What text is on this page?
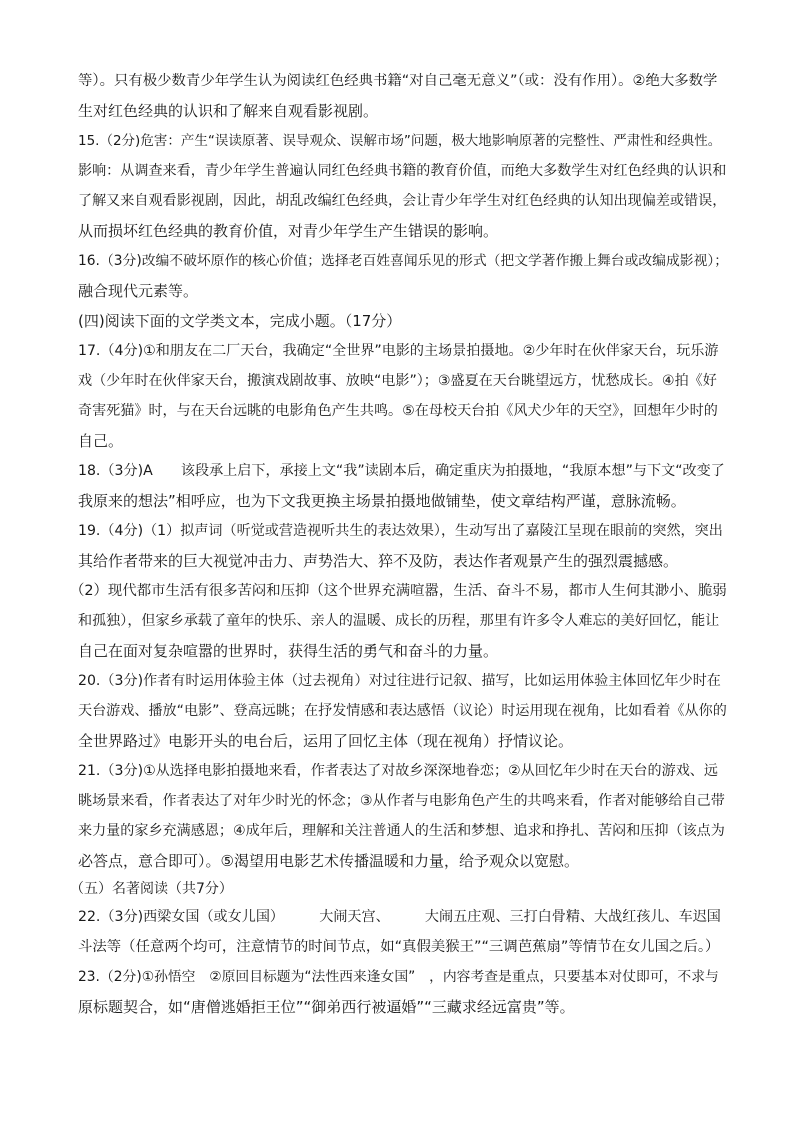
等）。只有极少数青少年学生认为阅读红色经典书籍“对自己毫无意义”（或：没有作用）。②绝大多数学
生对红色经典的认识和了解来自观看影视剧。
15.（2分)危害：产生“误读原著、误导观众、误解市场”问题，极大地影响原著的完整性、严肃性和经典性。
影响：从调查来看，青少年学生普遍认同红色经典书籍的教育价值，而绝大多数学生对红色经典的认识和
了解又来自观看影视剧，因此，胡乱改编红色经典，会让青少年学生对红色经典的认知出现偏差或错误，
从而损坏红色经典的教育价值，对青少年学生产生错误的影响。
16.（3分)改编不破坏原作的核心价值；选择老百姓喜闻乐见的形式（把文学著作搬上舞台或改编成影视）；
融合现代元素等。
(四)阅读下面的文学类文本，完成小题。（17分）
17.（4分)①和朋友在二厂天台，我确定“全世界”电影的主场景拍摄地。②少年时在伙伴家天台，玩乐游
戏（少年时在伙伴家天台，搬演戏剧故事、放映“电影”）；③盛夏在天台眺望远方，忧愁成长。④拍《好
奇害死猫》时，与在天台远眺的电影角色产生共鸣。⑤在母校天台拍《风犬少年的天空》，回想年少时的
自己。
18.（3分)A　　该段承上启下，承接上文“我”读剧本后，确定重庆为拍摄地，“我原本想”与下文“改变了
我原来的想法”相呼应，也为下文我更换主场景拍摄地做铺垫，使文章结构严谨，意脉流畅。
19.（4分)（1）拟声词（听觉或营造视听共生的表达效果），生动写出了嘉陵江呈现在眼前的突然，突出
其给作者带来的巨大视觉冲击力、声势浩大、猝不及防，表达作者观景产生的强烈震撼感。
（2）现代都市生活有很多苦闷和压抑（这个世界充满喧嚣，生活、奋斗不易，都市人生何其渺小、脆弱
和孤独），但家乡承载了童年的快乐、亲人的温暖、成长的历程，那里有许多令人难忘的美好回忆，能让
自己在面对复杂喧嚣的世界时，获得生活的勇气和奋斗的力量。
20.（3分)作者有时运用体验主体（过去视角）对过往进行记叙、描写，比如运用体验主体回忆年少时在
天台游戏、播放“电影”、登高远眺；在抒发情感和表达感悟（议论）时运用现在视角，比如看着《从你的
全世界路过》电影开头的电台后，运用了回忆主体（现在视角）抒情议论。
21.（3分)①从选择电影拍摄地来看，作者表达了对故乡深深地眷恋；②从回忆年少时在天台的游戏、远
眺场景来看，作者表达了对年少时光的怀念；③从作者与电影角色产生的共鸣来看，作者对能够给自己带
来力量的家乡充满感恩；④成年后，理解和关注普通人的生活和梦想、追求和挣扎、苦闷和压抑（该点为
必答点，意合即可）。⑤渴望用电影艺术传播温暖和力量，给予观众以宽慰。
（五）名著阅读（共7分）
22.（3分)西梁女国（或女儿国）　　　大闹天宫、　　　大闹五庄观、三打白骨精、大战红孩儿、车迟国
斗法等（任意两个均可，注意情节的时间节点，如“真假美猴王”“三调芭蕉扇”等情节在女儿国之后。）
23.（2分)①孙悟空　②原回目标题为“法性西来逢女国”　，内容考查是重点，只要基本对仗即可，不求与
原标题契合，如“唐僧逃婚拒王位”“御弟西行被逼婚”“三藏求经远富贵”等。
